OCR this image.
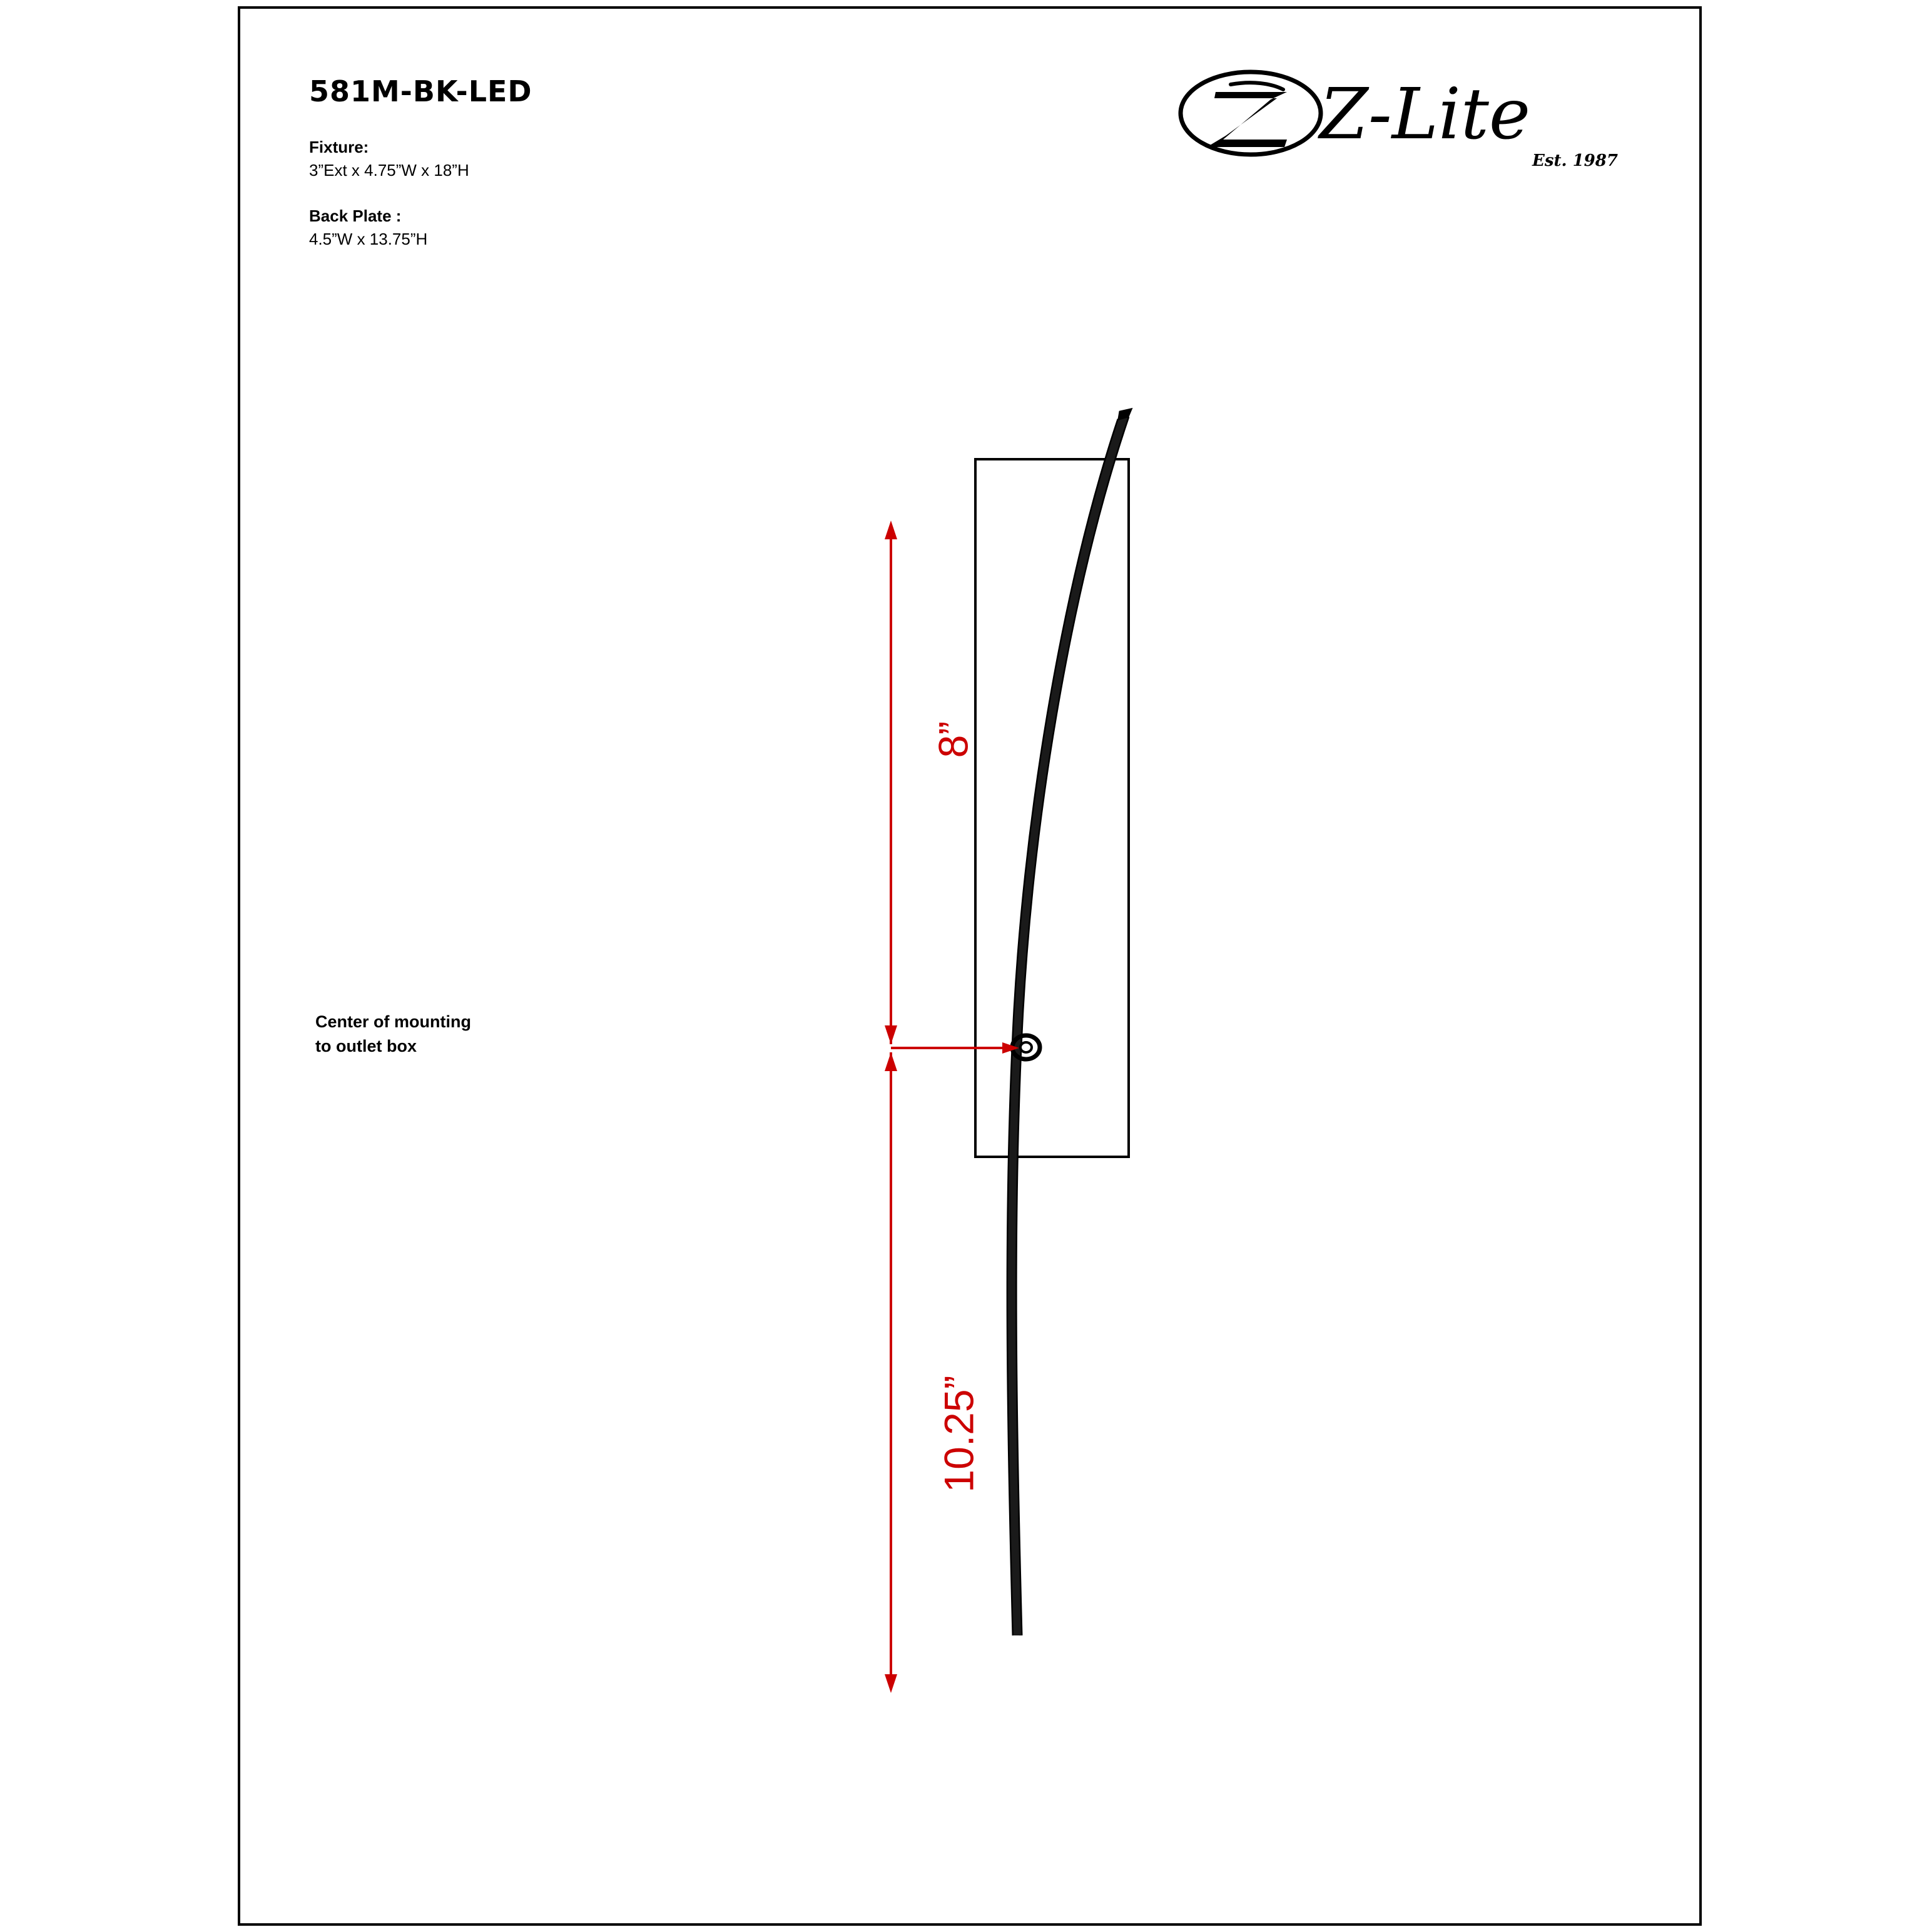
581M-BK-LED
Fixture:
3”Ext x 4.75”W x 18”H
Back Plate :
4.5”W x 13.75”H
Z-Lite
Est. 1987
Center of mounting
to outlet box
8”
10.25”
